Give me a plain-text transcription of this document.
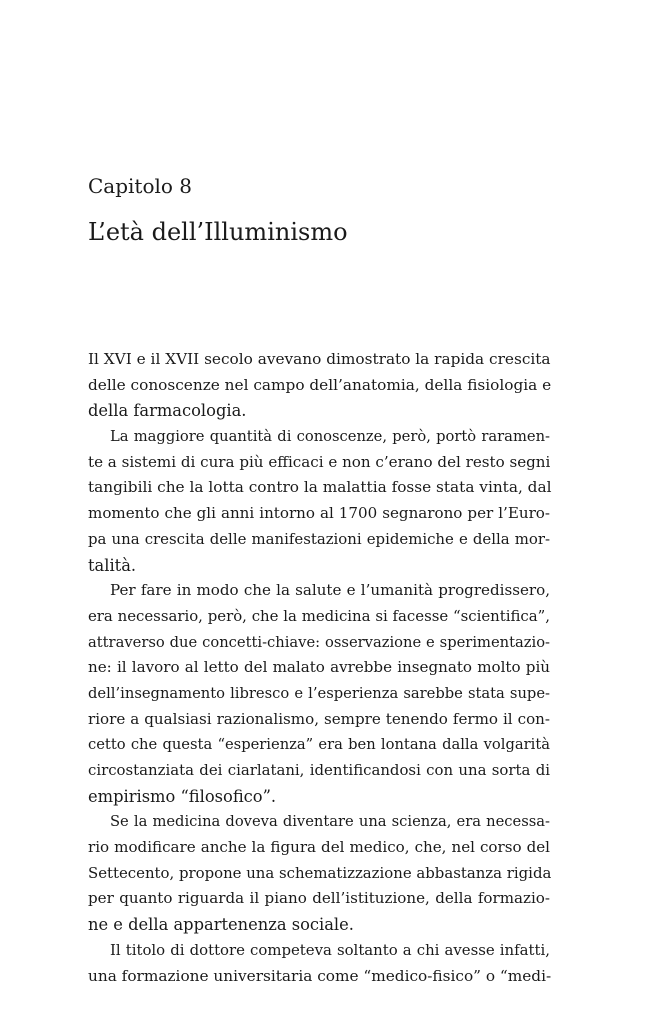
Capitolo 8
L’età dell’Illuminismo
Il XVI e il XVII secolo avevano dimostrato la rapida crescita
delle conoscenze nel campo dell’anatomia, della fisiologia e
della farmacologia.
La maggiore quantità di conoscenze, però, portò raramen-
te a sistemi di cura più efficaci e non c’erano del resto segni
tangibili che la lotta contro la malattia fosse stata vinta, dal
momento che gli anni intorno al 1700 segnarono per l’Euro-
pa una crescita delle manifestazioni epidemiche e della mor-
talità.
Per fare in modo che la salute e l’umanità progredissero,
era necessario, però, che la medicina si facesse “scientifica”,
attraverso due concetti-chiave: osservazione e sperimentazio-
ne: il lavoro al letto del malato avrebbe insegnato molto più
dell’insegnamento libresco e l’esperienza sarebbe stata supe-
riore a qualsiasi razionalismo, sempre tenendo fermo il con-
cetto che questa “esperienza” era ben lontana dalla volgarità
circostanziata dei ciarlatani, identificandosi con una sorta di
empirismo “filosofico”.
Se la medicina doveva diventare una scienza, era necessa-
rio modificare anche la figura del medico, che, nel corso del
Settecento, propone una schematizzazione abbastanza rigida
per quanto riguarda il piano dell’istituzione, della formazio-
ne e della appartenenza sociale.
Il titolo di dottore competeva soltanto a chi avesse infatti,
una formazione universitaria come “medico-fisico” o “medi-
